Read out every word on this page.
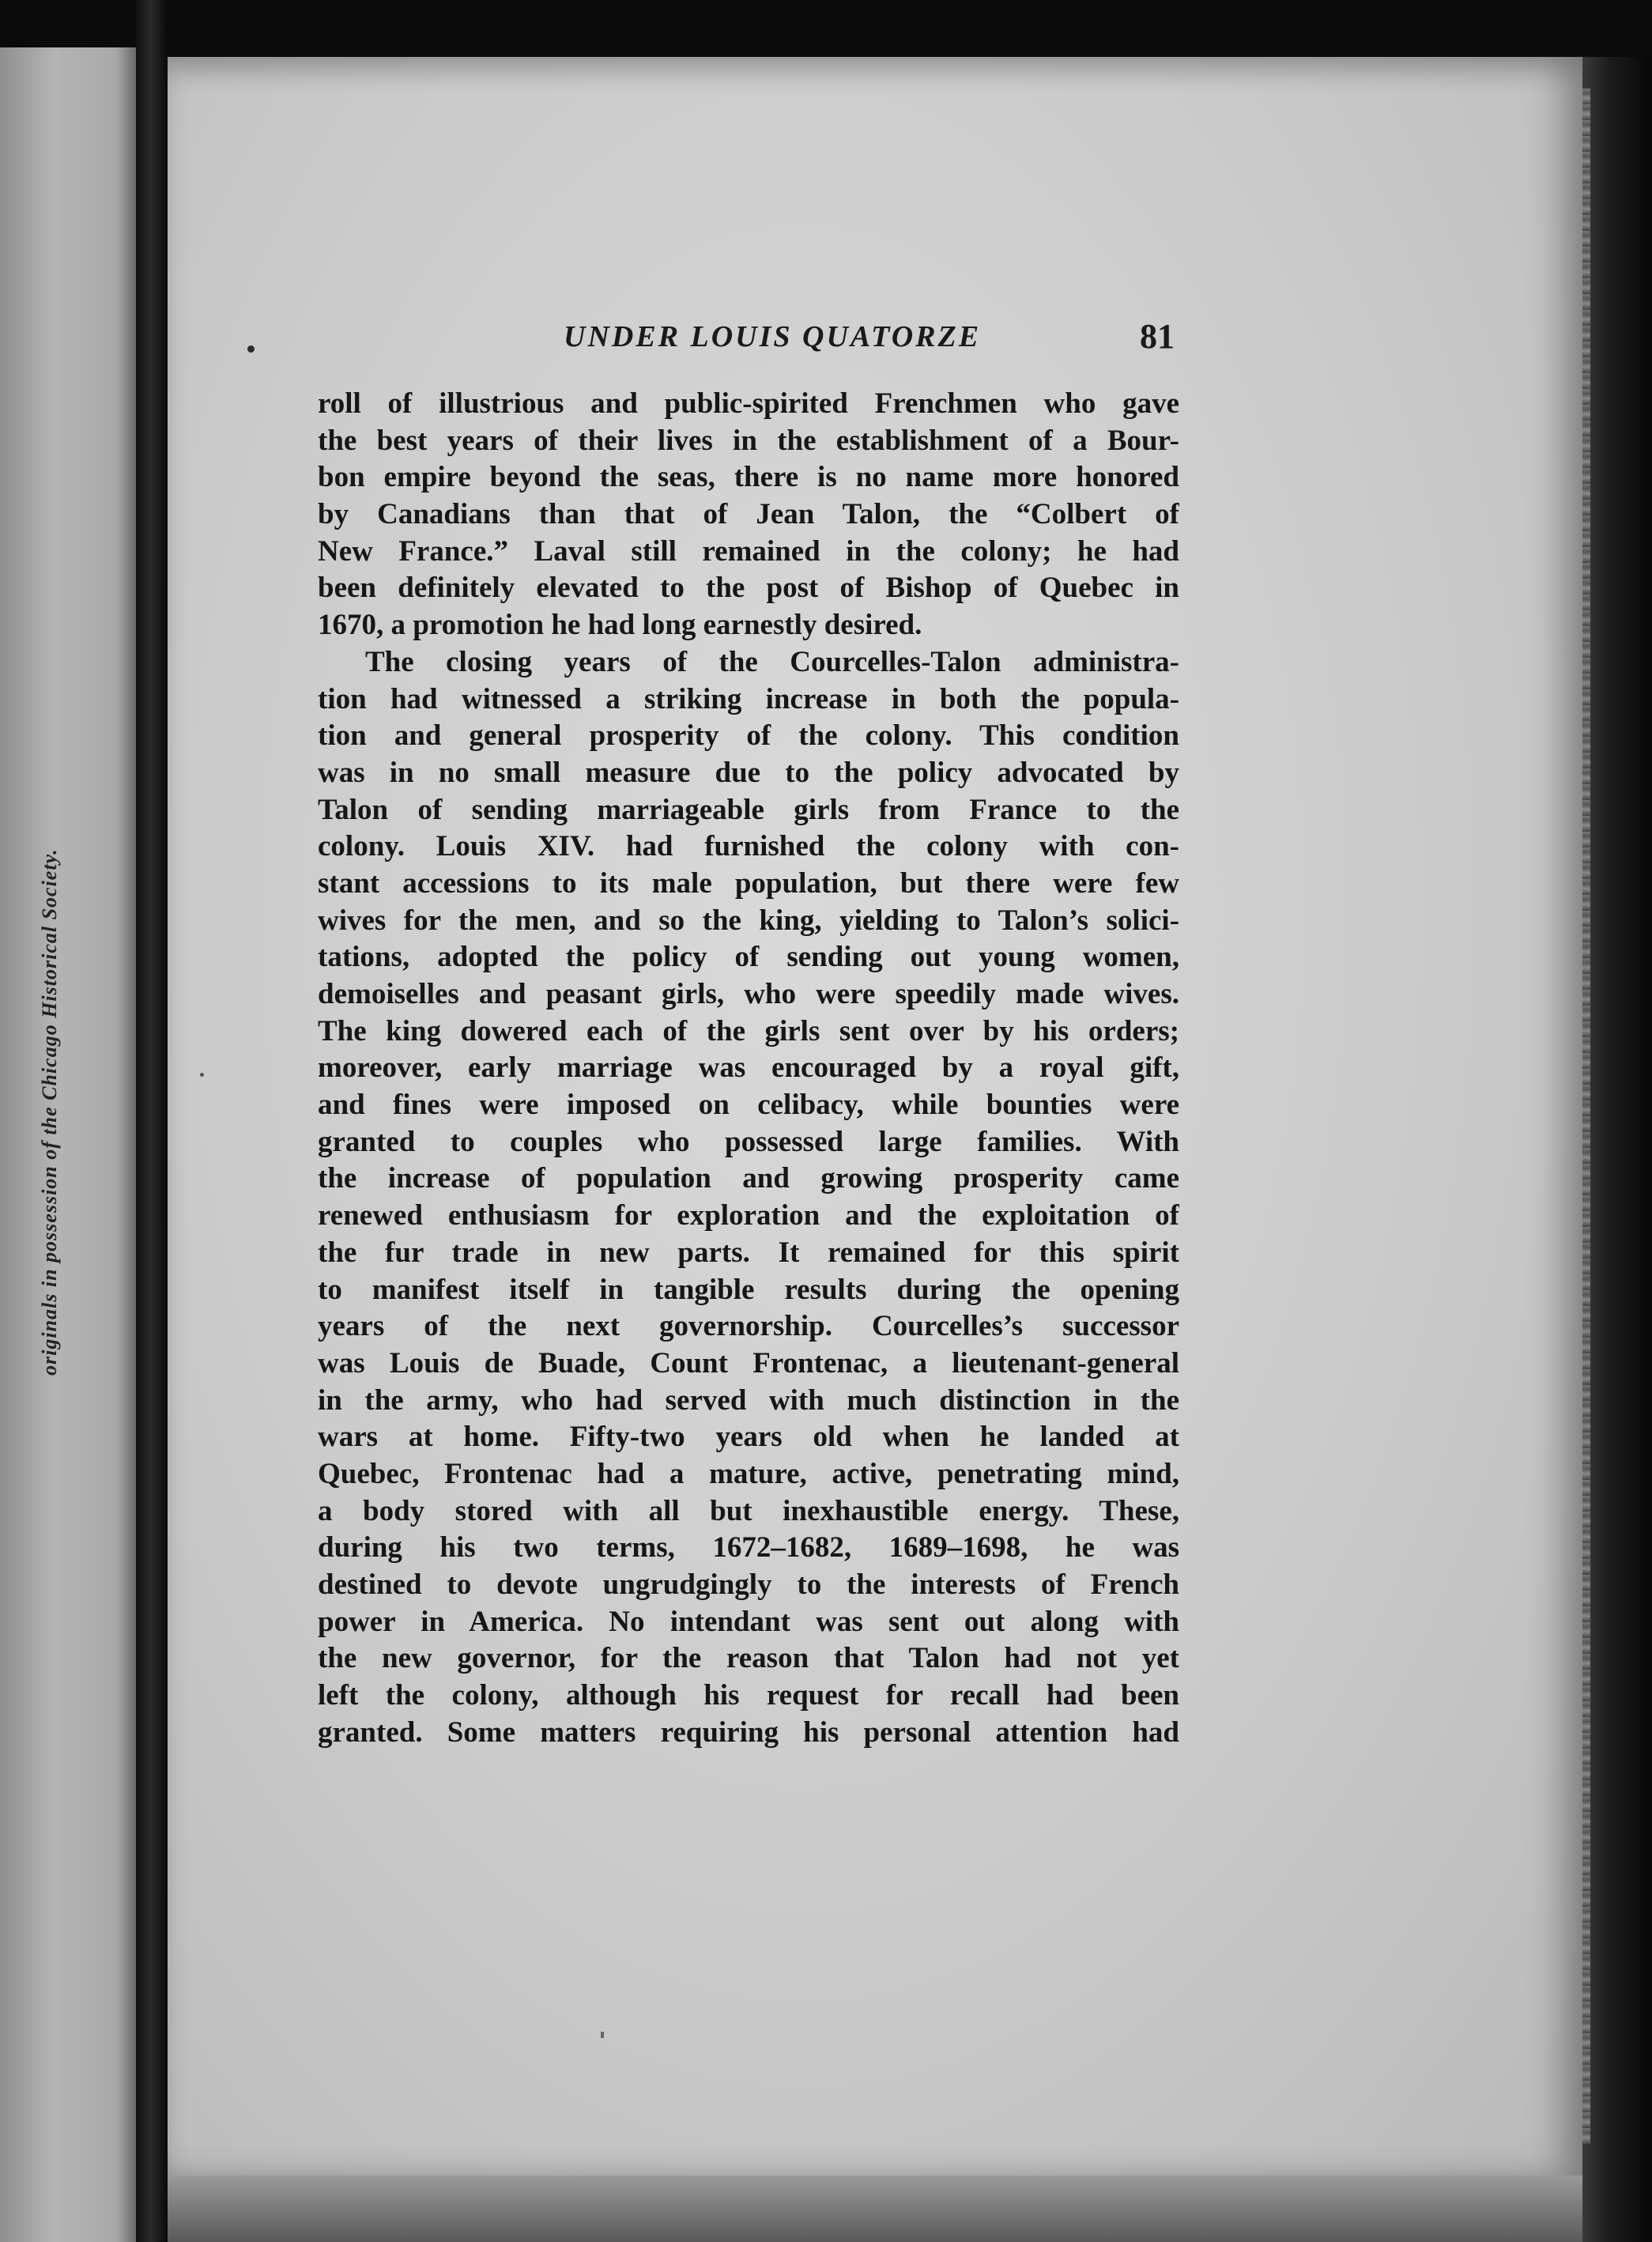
originals in possession of the Chicago Historical Society.
UNDER LOUIS QUATORZE	81
roll of illustrious and public-spirited Frenchmen who gave
the best years of their lives in the establishment of a Bour-
bon empire beyond the seas, there is no name more honored
by Canadians than that of Jean Talon, the “Colbert of
New France.” Laval still remained in the colony; he had
been definitely elevated to the post of Bishop of Quebec in
1670, a promotion he had long earnestly desired.
The closing years of the Courcelles-Talon administra-
tion had witnessed a striking increase in both the popula-
tion and general prosperity of the colony. This condition
was in no small measure due to the policy advocated by
Talon of sending marriageable girls from France to the
colony. Louis XIV. had furnished the colony with con-
stant accessions to its male population, but there were few
wives for the men, and so the king, yielding to Talon’s solici-
tations, adopted the policy of sending out young women,
demoiselles and peasant girls, who were speedily made wives.
The king dowered each of the girls sent over by his orders;
moreover, early marriage was encouraged by a royal gift,
and fines were imposed on celibacy, while bounties were
granted to couples who possessed large families. With
the increase of population and growing prosperity came
renewed enthusiasm for exploration and the exploitation of
the fur trade in new parts. It remained for this spirit
to manifest itself in tangible results during the opening
years of the next governorship. Courcelles’s successor
was Louis de Buade, Count Frontenac, a lieutenant-general
in the army, who had served with much distinction in the
wars at home. Fifty-two years old when he landed at
Quebec, Frontenac had a mature, active, penetrating mind,
a body stored with all but inexhaustible energy. These,
during his two terms, 1672–1682, 1689–1698, he was
destined to devote ungrudgingly to the interests of French
power in America. No intendant was sent out along with
the new governor, for the reason that Talon had not yet
left the colony, although his request for recall had been
granted. Some matters requiring his personal attention had
